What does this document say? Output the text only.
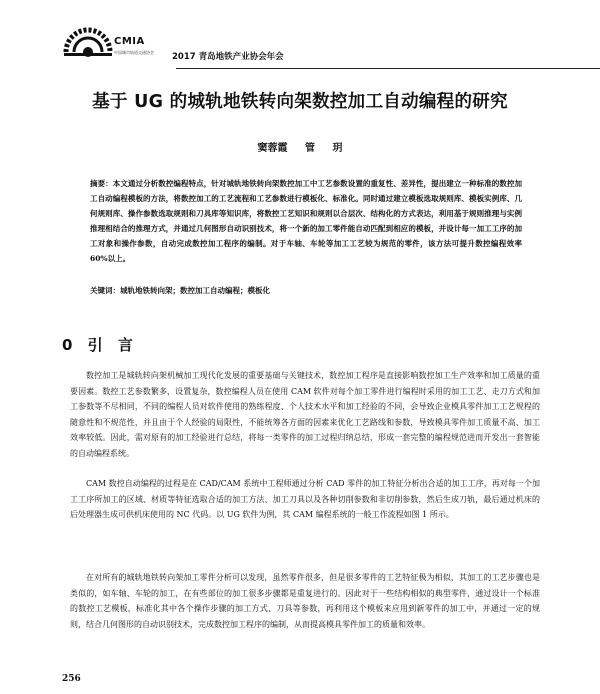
CMIA
中国城市轨道交通协会 2017 青岛地铁产业协会年会
基于 UG 的城轨地铁转向架数控加工自动编程的研究
窦蓉霞 管 玥
摘要：本文通过分析数控编程特点，针对城轨地铁转向架数控加工中工艺参数设置的重复性、差异性，提出建立一种标准的数控加工自动编程模板的方法，将数控加工的工艺流程和工艺参数进行模板化、标准化。同时通过建立模板选取规则库、模板实例库、几何规则库、操作参数选取规则和刀具库等知识库，将数控工艺知识和规则以合层次、结构化的方式表达，利用基于规则推理与实例推理相结合的推理方式，并通过几何图形自动识别技术，将一个新的加工零件能自动匹配到相应的模板，并设计每一加工工序的加工对象和操作参数，自动完成数控加工程序的编制。对于车轴、车轮等加工工艺较为规范的零件，该方法可提升数控编程效率 60%以上。
关键词：城轨地铁转向架；数控加工自动编程；模板化
0 引 言

数控加工是城轨转向架机械加工现代化发展的重要基础与关键技术，数控加工程序是直接影响数控加工生产效率和加工质量的重要因素。数控工艺参数繁多，设置复杂，数控编程人员在使用 CAM 软件对每个加工零件进行编程时采用的加工工艺、走刀方式和加工参数等不尽相同，不同的编程人员对软件使用的熟练程度、个人技术水平和加工经验的不同，会导致企业模具零件加工工艺规程的随意性和不规范性，并且由于个人经验的局限性，不能统筹各方面的因素来优化工艺路线和参数，导致模具零件加工质量不高、加工效率较低。因此，需对原有的加工经验进行总结，将每一类零件的加工过程归纳总结，形成一套完整的编程规范进而开发出一套智能的自动编程系统。

CAM 数控自动编程的过程是在 CAD/CAM 系统中工程师通过分析 CAD 零件的加工特征分析出合适的加工工序，再对每一个加工工序所加工的区域、材质等特征选取合适的加工方法、加工刀具以及各种切削参数和非切削参数，然后生成刀轨，最后通过机床的后处理器生成可供机床使用的 NC 代码。以 UG 软件为例，其 CAM 编程系统的一般工作流程如图 1 所示。

在对所有的城轨地铁转向架加工零件分析可以发现，虽然零件很多，但是很多零件的工艺特征极为相似，其加工的工艺步骤也是类似的，如车轴、车轮的加工，在有些部位的加工很多步骤都是重复进行的。因此对于一些结构相似的典型零件，通过设计一个标准的数控工艺模板，标准化其中各个操作步骤的加工方式、刀具等参数，再利用这个模板来应用到新零件的加工中，并通过一定的规则，结合几何图形的自动识别技术，完成数控加工程序的编制，从而提高模具零件加工的质量和效率。

256
